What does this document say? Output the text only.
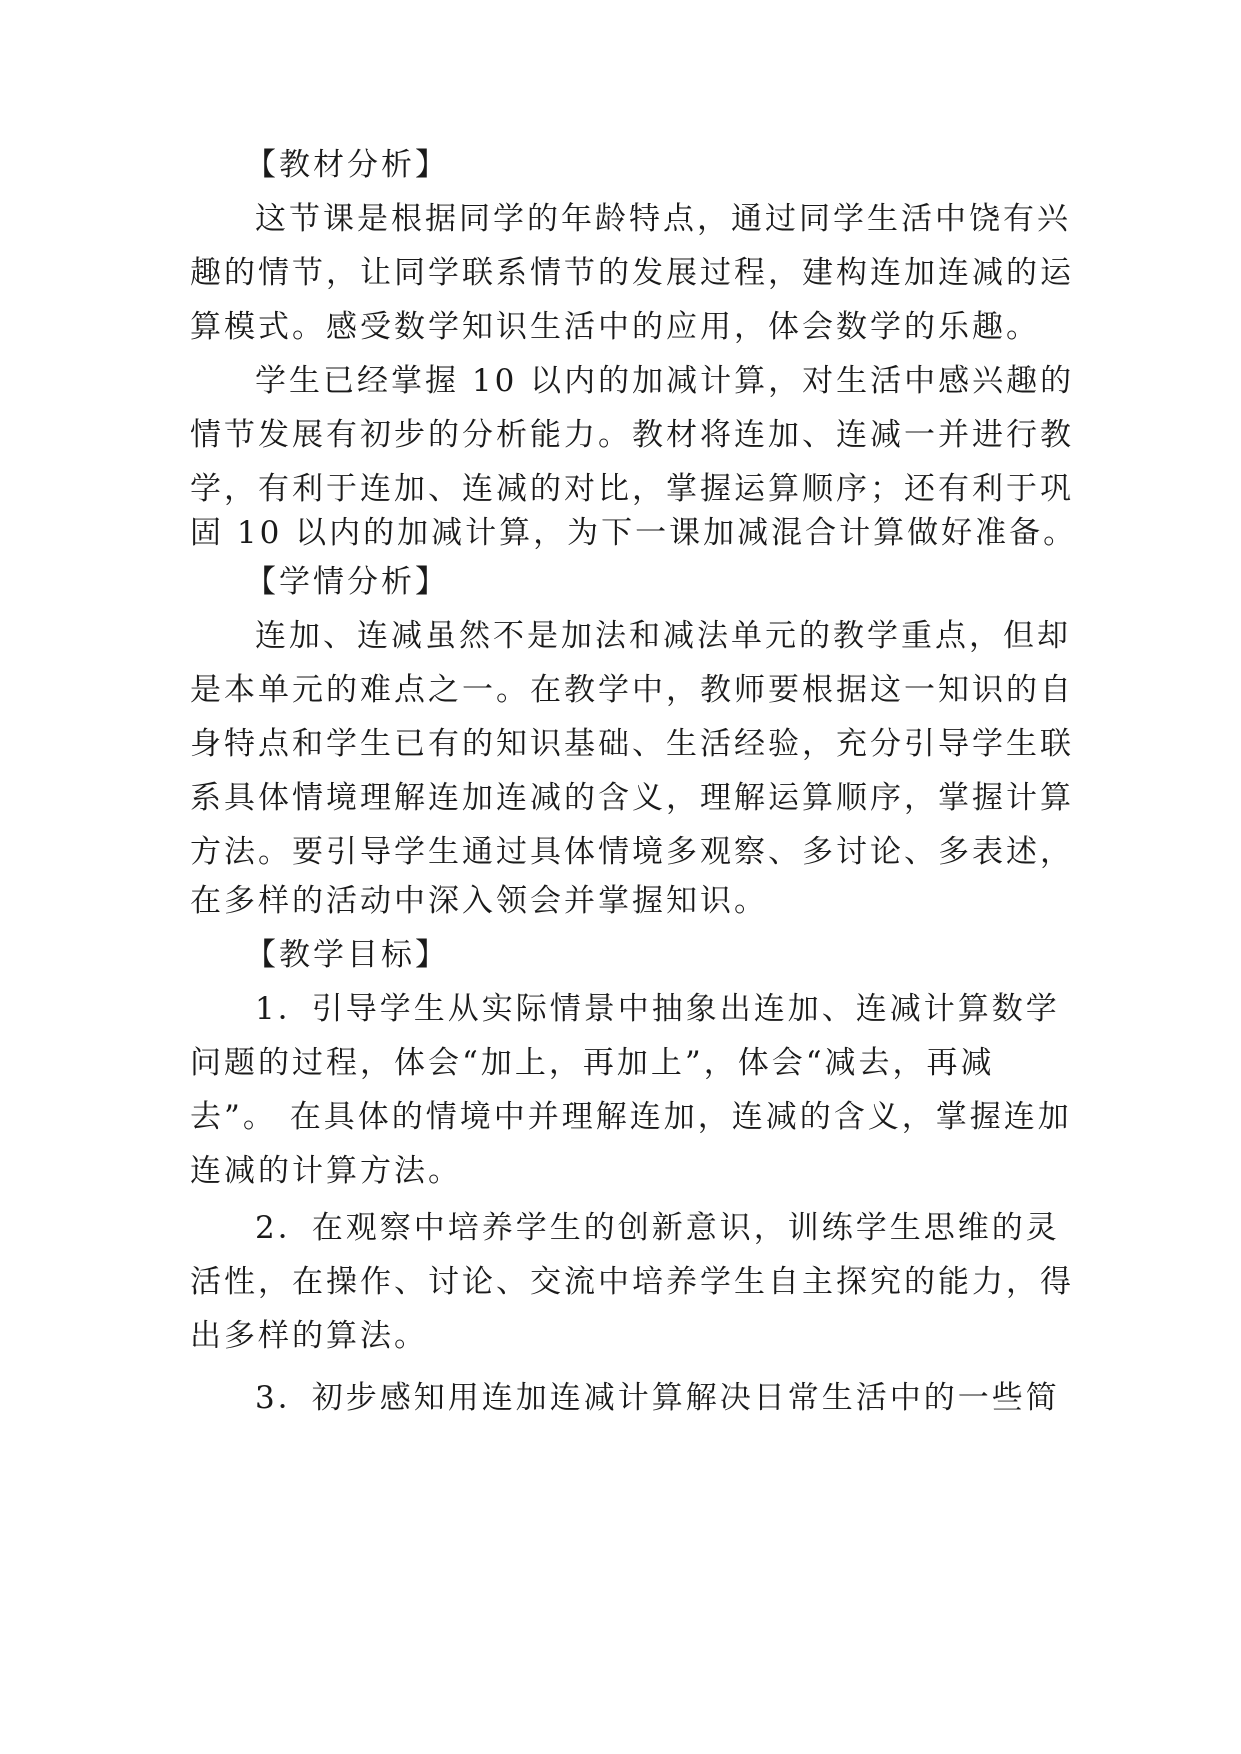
【教材分析】
这节课是根据同学的年龄特点，通过同学生活中饶有兴
趣的情节，让同学联系情节的发展过程，建构连加连减的运
算模式。感受数学知识生活中的应用，体会数学的乐趣。
学生已经掌握 10 以内的加减计算，对生活中感兴趣的
情节发展有初步的分析能力。教材将连加、连减一并进行教
学，有利于连加、连减的对比，掌握运算顺序；还有利于巩
固 10 以内的加减计算，为下一课加减混合计算做好准备。
【学情分析】
连加、连减虽然不是加法和减法单元的教学重点，但却
是本单元的难点之一。在教学中，教师要根据这一知识的自
身特点和学生已有的知识基础、生活经验，充分引导学生联
系具体情境理解连加连减的含义，理解运算顺序，掌握计算
方法。要引导学生通过具体情境多观察、多讨论、多表述，
在多样的活动中深入领会并掌握知识。
【教学目标】
1．引导学生从实际情景中抽象出连加、连减计算数学
问题的过程，体会“加上，再加上”，体会“减去，再减
去”。 在具体的情境中并理解连加，连减的含义，掌握连加
连减的计算方法。
2．在观察中培养学生的创新意识，训练学生思维的灵
活性，在操作、讨论、交流中培养学生自主探究的能力，得
出多样的算法。
3．初步感知用连加连减计算解决日常生活中的一些简
